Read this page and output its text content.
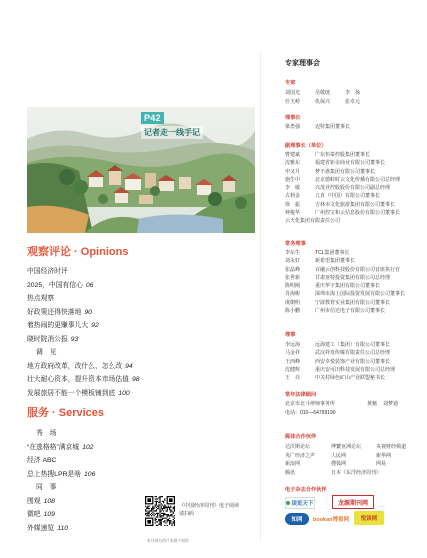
P42
记者走一线手记
观察评论 · Opinions
中国经济时评
2025，中国有信心 06
热点观察
好政策还得快落地 90
着热闹的更赚事儿大 92
晓时院消公报 93
调　见
地方政府改革，改什么、怎么改 94
壮大耐心资本，提升资本市场估值 98
发展旅居不能一个模板铺到底 100
服务 · Services
秀　场
“在逃格格”满京城 102
经济 ABC
总上热搜LPR是啥 106
同　事
围观 108
微吧 109
外媒速览 110
《中国经济周刊》电子阅读
请扫码
本刊部分图片来源于网络
专家理事会
专家
刘国光	吴敬琏	李　扬
任玉岭	仇保兴	张卓元
理事长
梁勇强	迈特集团董事长
副理事长（单位）
曹建斌	广东恒泰控股集团董事长
沈雅东	福建省钜亲商业有限公司董事长
申又月	梦不惑集团有限公司董事长
施生中	北京德蛙时云文化传播有限公司总经理
李　敏	兴茂业控股股份有限公司副总经理
古莉金	亢直（中国）有限公司董事长
徐　振	吉林市文化旅游集团有限公司董事长
钟俊华	广州控宝和云信息股份有限公司董事长
云天化集团有限责任公司
常务理事
李东生	TCL集团董事长
刘永好	新希望集团董事长
张晶峰	百融云创科技股份有限公司首席执行官
张世新	甘肃亚特投资集团有限公司总经理
陈明刚	重庆华宇集团有限公司董事长
肖海彬	深圳市海上国际投资发展有限公司董事长
虞朝明	宁波教育实业集团有限公司董事长
陈小鹏	广州市信达电子有限公司董事长
理事
李远海	远海建工（集团）有限公司董事长
马金祥	武汉祥发传媒有限责任公司总经理
王西峰	西安卓悦装饰产业有限公司董事长
沈健辉	重庆安可田科技发展有限公司总经理
王　亮	中关村绿色矿山产业联盟秘书长
常年法律顾问
北京市北斗律师事务所	黄魁 刘梦迪
电话：010—64799190
媒体合作伙伴
达沃斯论坛	博鳌亚洲论坛	央视财经频道
央广经济之声	人民网	新华网
新浪网	搜狐网	网易
腾讯	日本《东洋经济周刊》
电子杂志合作伙伴
读览天下	龙源期刊网
知网 bookan博看网 悦读网
